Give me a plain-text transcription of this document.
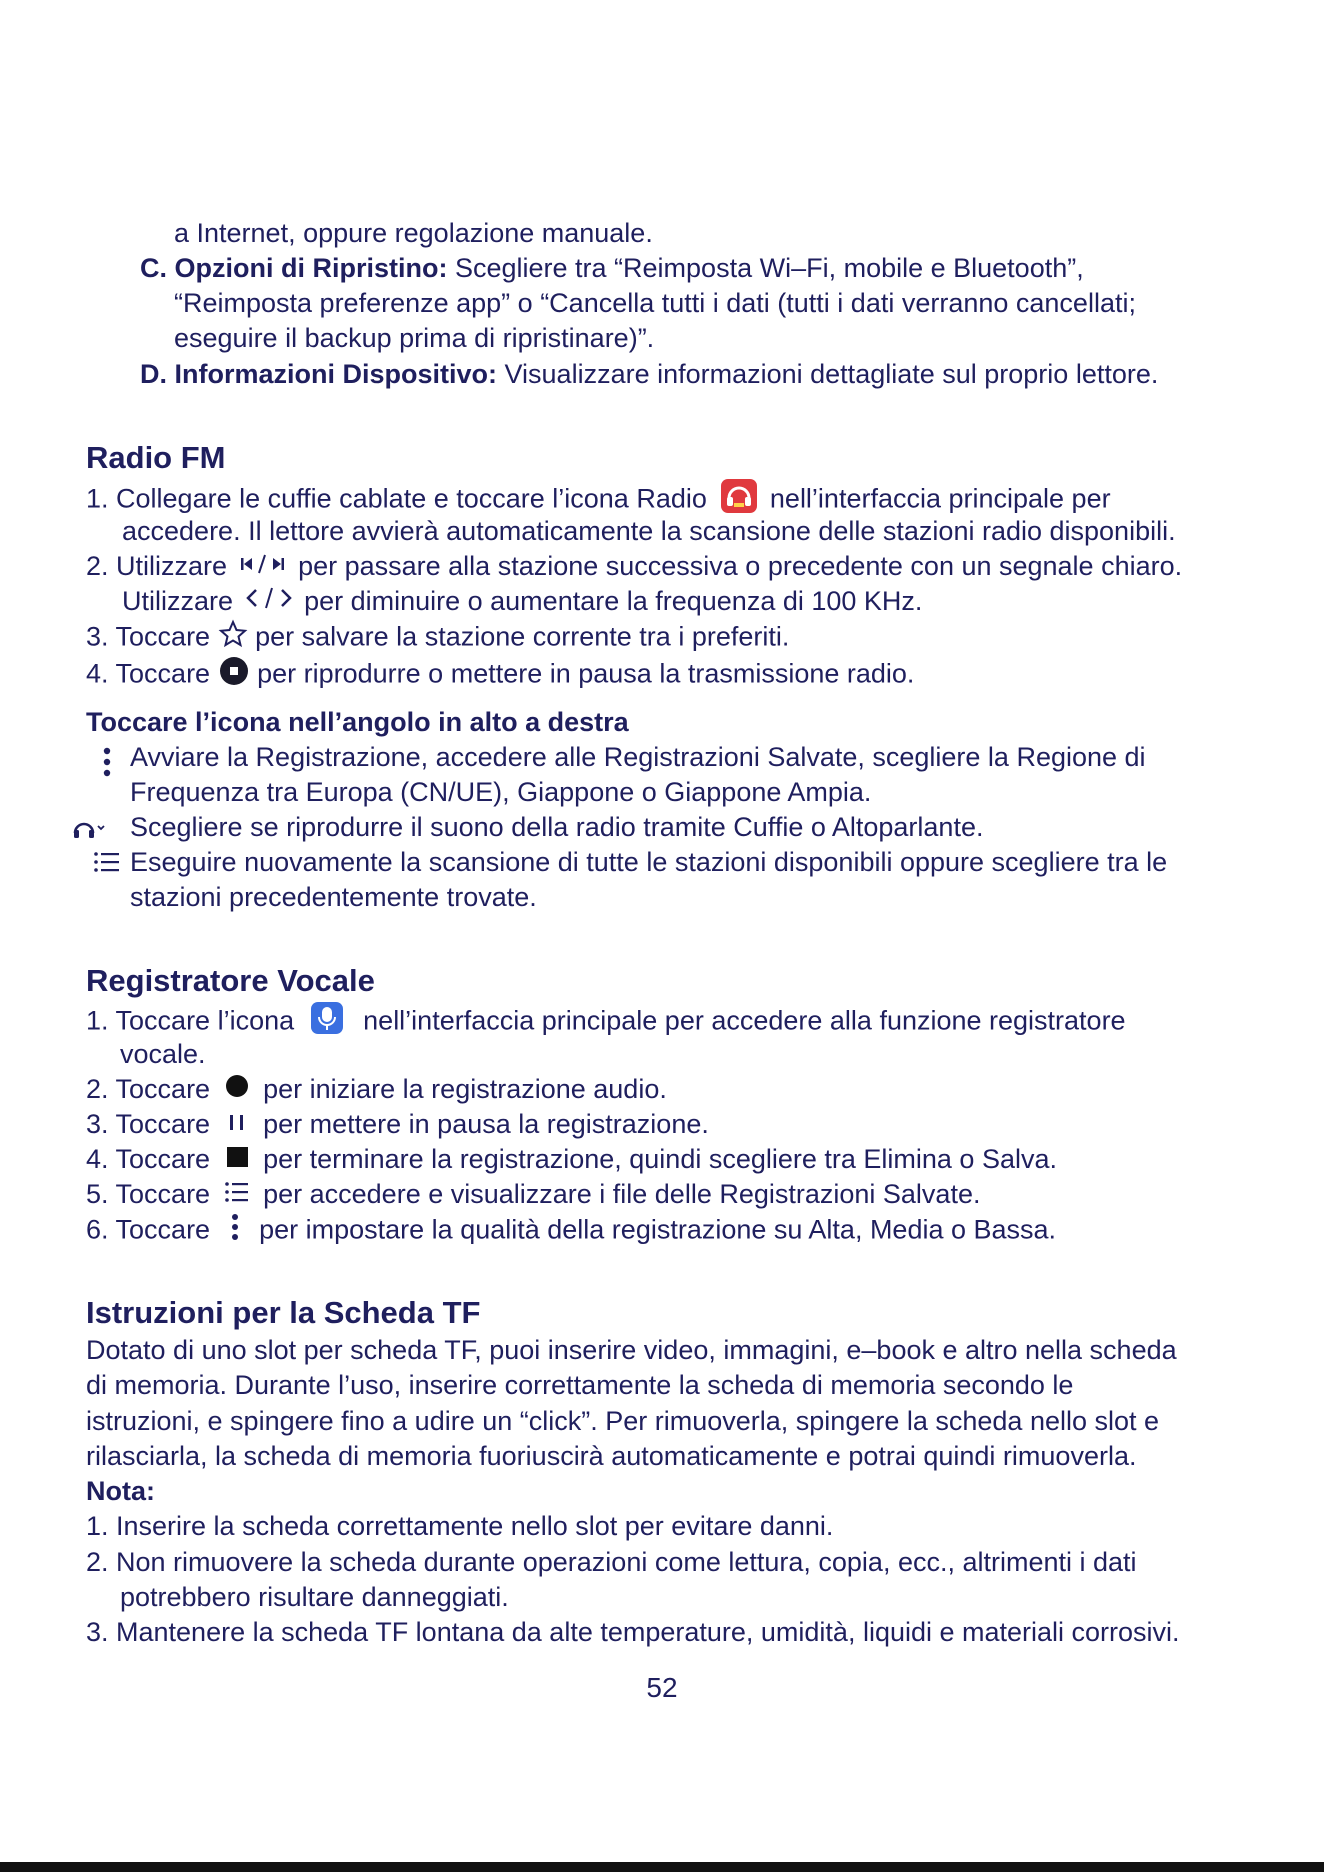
a Internet, oppure regolazione manuale.
C. Opzioni di Ripristino: Scegliere tra “Reimposta Wi–Fi, mobile e Bluetooth”,
“Reimposta preferenze app” o “Cancella tutti i dati (tutti i dati verranno cancellati;
eseguire il backup prima di ripristinare)”.
D. Informazioni Dispositivo: Visualizzare informazioni dettagliate sul proprio lettore.
Radio FM
1. Collegare le cuffie cablate e toccare l’icona Radio nell’interfaccia principale per
accedere. Il lettore avvierà automaticamente la scansione delle stazioni radio disponibili.
2. Utilizzare	per passare alla stazione successiva o precedente con un segnale chiaro.
Utilizzare	per diminuire o aumentare la frequenza di 100 KHz.
3. Toccare per salvare la stazione corrente tra i preferiti.
4. Toccare per riprodurre o mettere in pausa la trasmissione radio.
Toccare l’icona nell’angolo in alto a destra
Avviare la Registrazione, accedere alle Registrazioni Salvate, scegliere la Regione di
Frequenza tra Europa (CN/UE), Giappone o Giappone Ampia.
Scegliere se riprodurre il suono della radio tramite Cuffie o Altoparlante.
Eseguire nuovamente la scansione di tutte le stazioni disponibili oppure scegliere tra le
stazioni precedentemente trovate.
Registratore Vocale
1. Toccare l’icona	nell’interfaccia principale per accedere alla funzione registratore
vocale.
2. Toccare per iniziare la registrazione audio.
3. Toccare per mettere in pausa la registrazione.
4. Toccare per terminare la registrazione, quindi scegliere tra Elimina o Salva.
5. Toccare per accedere e visualizzare i file delle Registrazioni Salvate.
6. Toccare per impostare la qualità della registrazione su Alta, Media o Bassa.
Istruzioni per la Scheda TF
Dotato di uno slot per scheda TF, puoi inserire video, immagini, e–book e altro nella scheda
di memoria. Durante l’uso, inserire correttamente la scheda di memoria secondo le
istruzioni, e spingere fino a udire un “click”. Per rimuoverla, spingere la scheda nello slot e
rilasciarla, la scheda di memoria fuoriuscirà automaticamente e potrai quindi rimuoverla.
Nota:
1. Inserire la scheda correttamente nello slot per evitare danni.
2. Non rimuovere la scheda durante operazioni come lettura, copia, ecc., altrimenti i dati
potrebbero risultare danneggiati.
3. Mantenere la scheda TF lontana da alte temperature, umidità, liquidi e materiali corrosivi.
52
